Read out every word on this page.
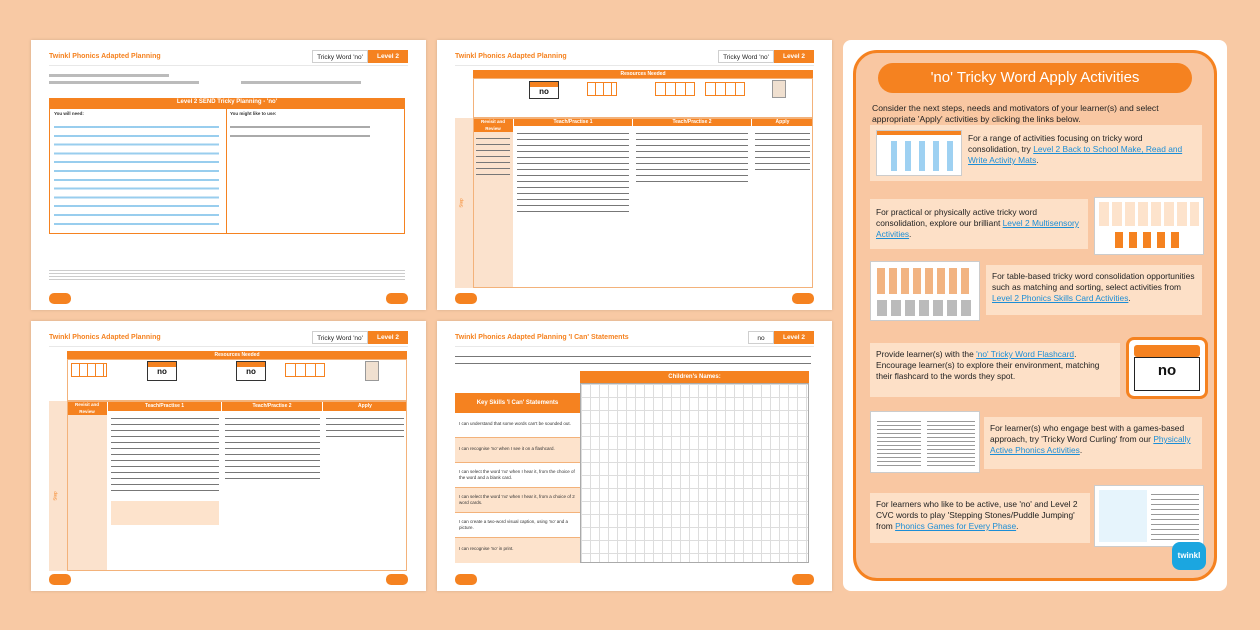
Twinkl Phonics Adapted Planning	Tricky Word 'no'	Level 2
Level 2 SEND Tricky Planning - 'no'
You will need:	You might like to use:
Twinkl Phonics Adapted Planning	Tricky Word 'no'	Level 2
Resources Needed
no
Step
Revisit and Review
Teach/Practise 1	Teach/Practise 2	Apply
Twinkl Phonics Adapted Planning	Tricky Word 'no'	Level 2
Resources Needed
no	no
Step
Revisit and Review
Teach/Practise 1	Teach/Practise 2	Apply
Twinkl Phonics Adapted Planning 'I Can' Statements	no	Level 2
Children's Names:
Key Skills 'I Can' Statements
I can understand that some words can't be sounded out.
I can recognise 'no' when I see it on a flashcard.
I can select the word 'no' when I hear it, from the choice of the word and a blank card.
I can select the word 'no' when I hear it, from a choice of 2 word cards.
I can create a two-word visual caption, using 'no' and a picture.
I can recognise 'no' in print.
'no' Tricky Word Apply Activities
Consider the next steps, needs and motivators of your learner(s) and select appropriate 'Apply' activities by clicking the links below.
For a range of activities focusing on tricky word consolidation, try Level 2 Back to School Make, Read and Write Activity Mats.
For practical or physically active tricky word consolidation, explore our brilliant Level 2 Multisensory Activities.
For table-based tricky word consolidation opportunities such as matching and sorting, select activities from Level 2 Phonics Skills Card Activities.
Provide learner(s) with the 'no' Tricky Word Flashcard. Encourage learner(s) to explore their environment, matching their flashcard to the words they spot.	no
For learner(s) who engage best with a games-based approach, try 'Tricky Word Curling' from our Physically Active Phonics Activities.
For learners who like to be active, use 'no' and Level 2 CVC words to play 'Stepping Stones/Puddle Jumping' from Phonics Games for Every Phase.
twinkl
